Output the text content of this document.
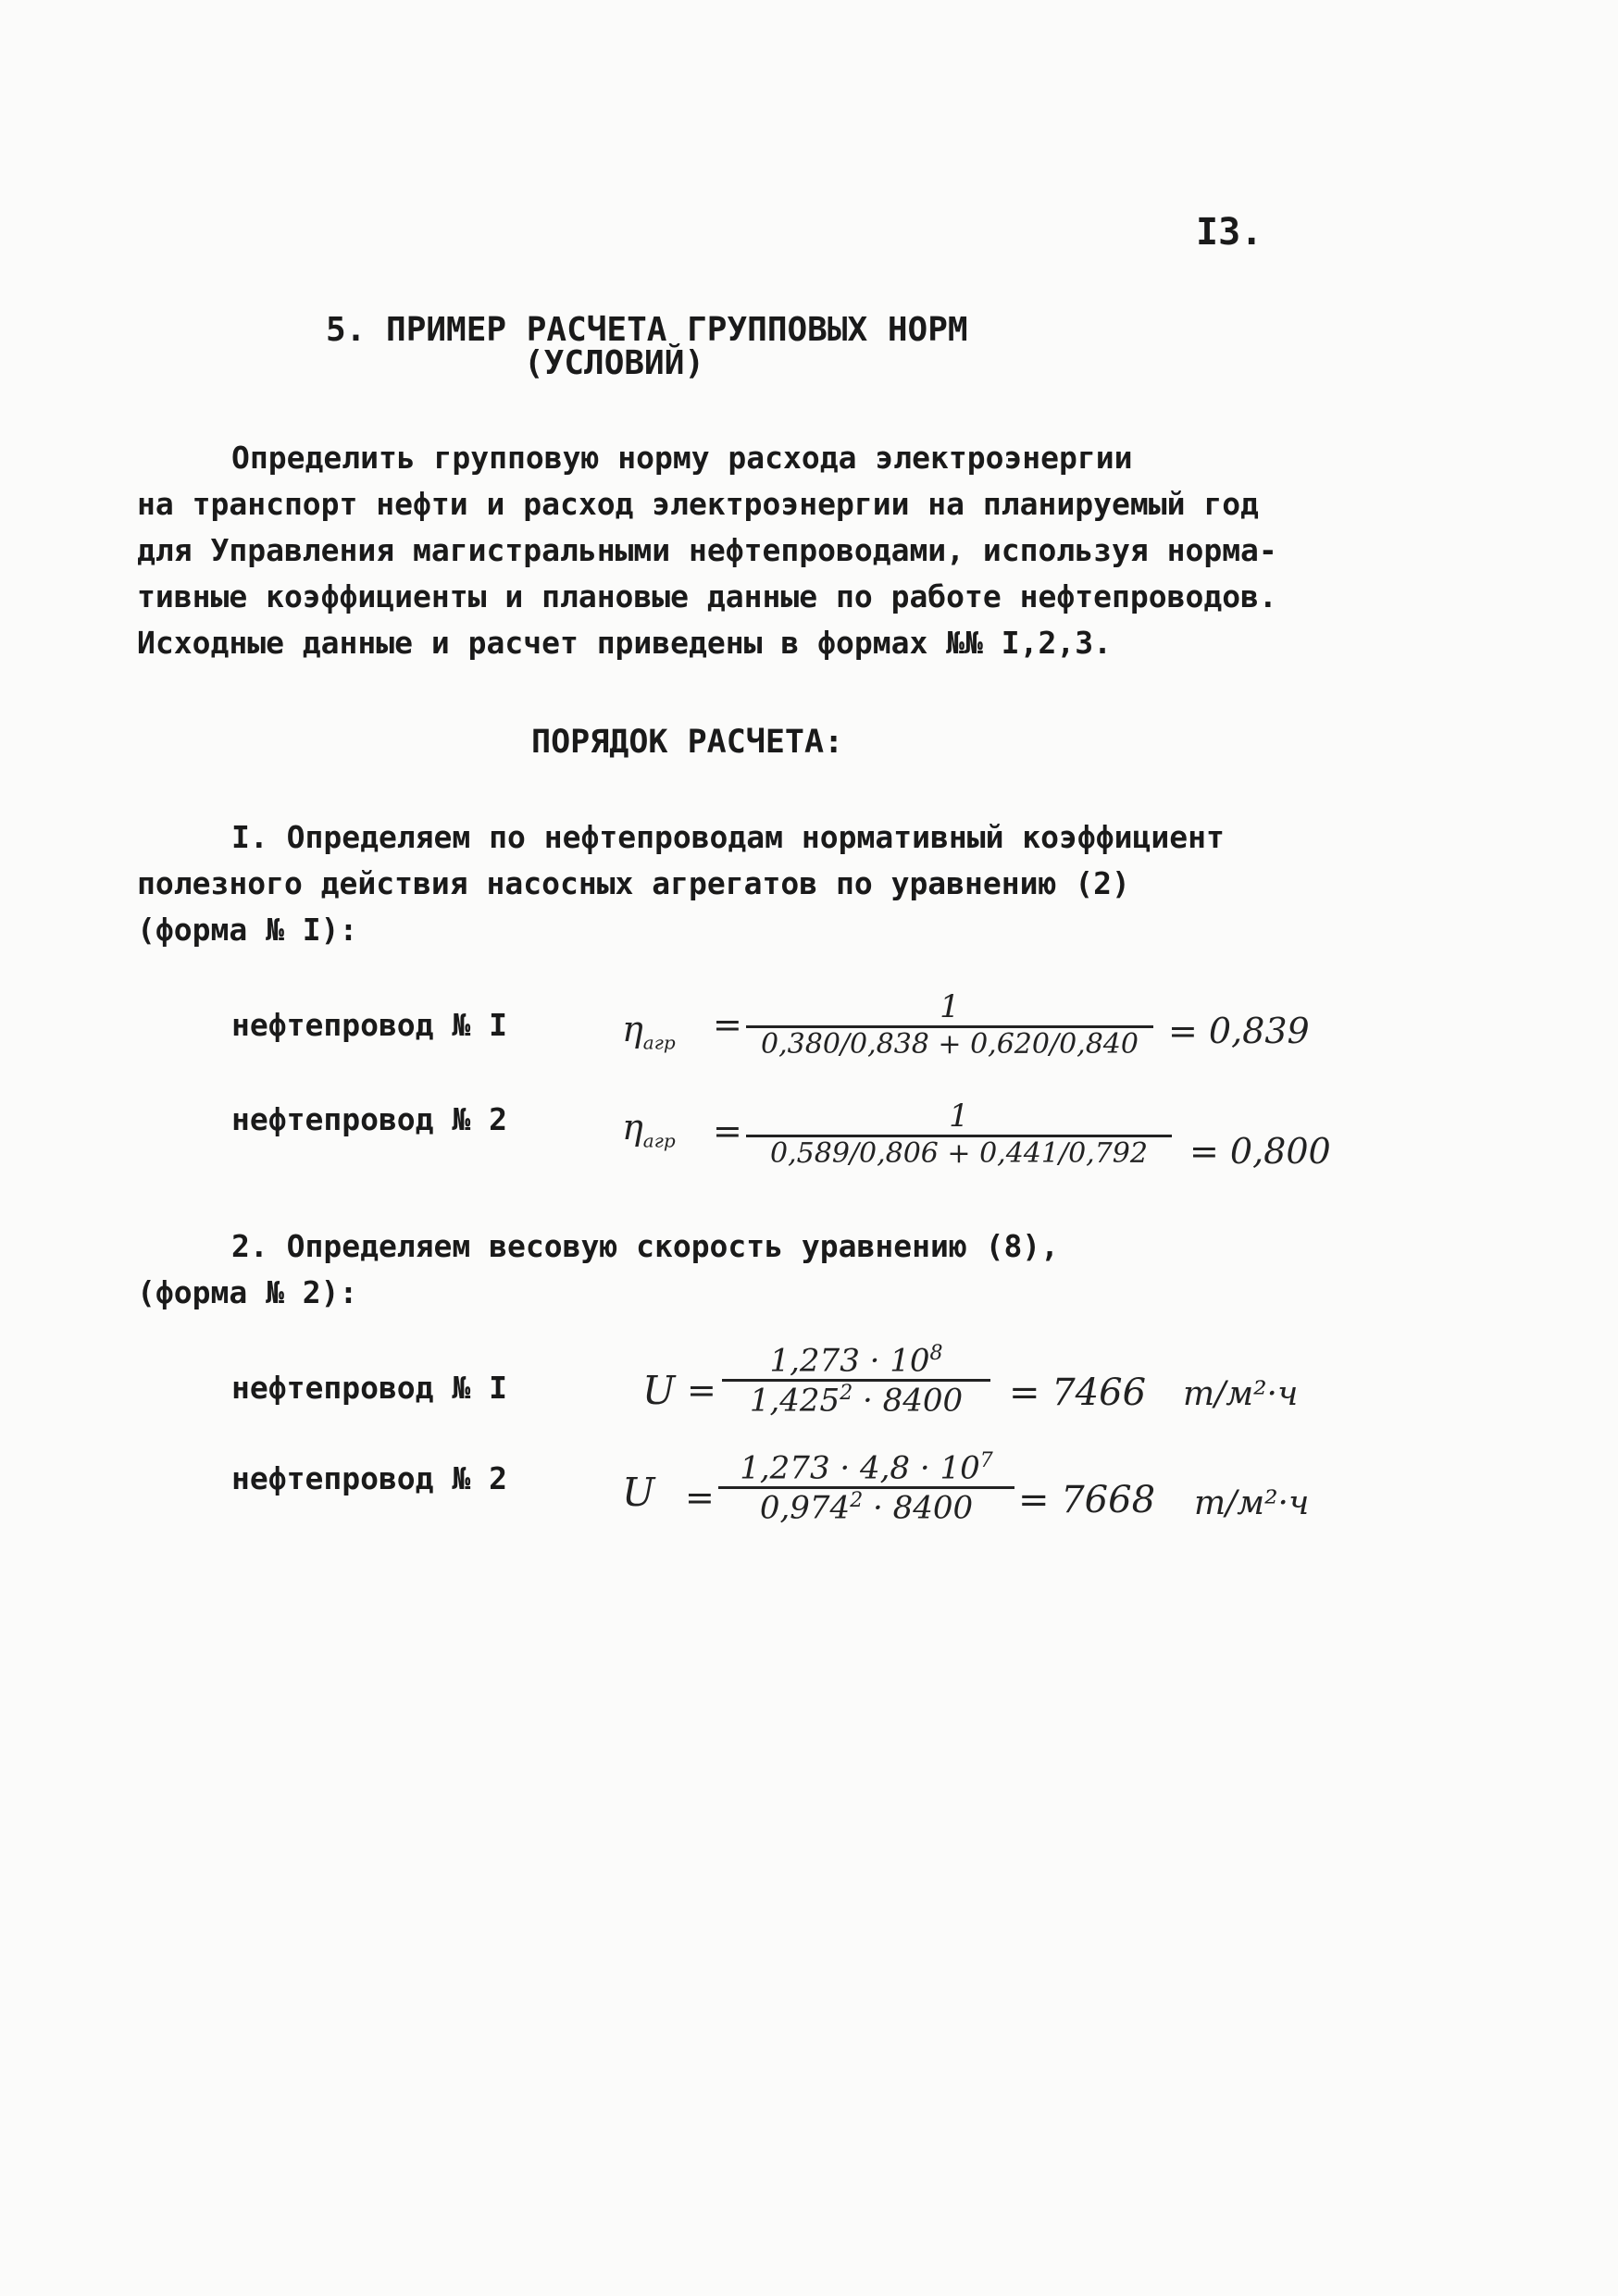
I3.
5. ПРИМЕР РАСЧЕТА ГРУППОВЫХ НОРМ
(УСЛОВИЙ)
Определить групповую норму расхода электроэнергии
на транспорт нефти и расход электроэнергии на планируемый год
для Управления магистральными нефтепроводами, используя норма-
тивные коэффициенты и плановые данные по работе нефтепроводов.
Исходные данные и расчет приведены в формах №№ I,2,3.
ПОРЯДОК РАСЧЕТА:
I. Определяем по нефтепроводам нормативный коэффициент
полезного действия насосных агрегатов по уравнению (2)
(форма № I):
нефтепровод № I	$\eta_{агр}$ =	1
0,380/0,838 + 0,620/0,840 = 0,839
нефтепровод № 2	$\eta_{агр}$ =	1
0,589/0,806 + 0,441/0,792	= 0,800
2. Определяем весовую скорость уравнению (8),
(форма № 2):
нефтепровод № I	U =
$1,273 \cdot 10^8$
$1,425^2 \cdot 8400$	= 7466 т/м²·ч
нефтепровод № 2	U =
$1,273 \cdot 4,8 \cdot 10^7$
$0,974^2 \cdot 8400$	= 7668 т/м²·ч
